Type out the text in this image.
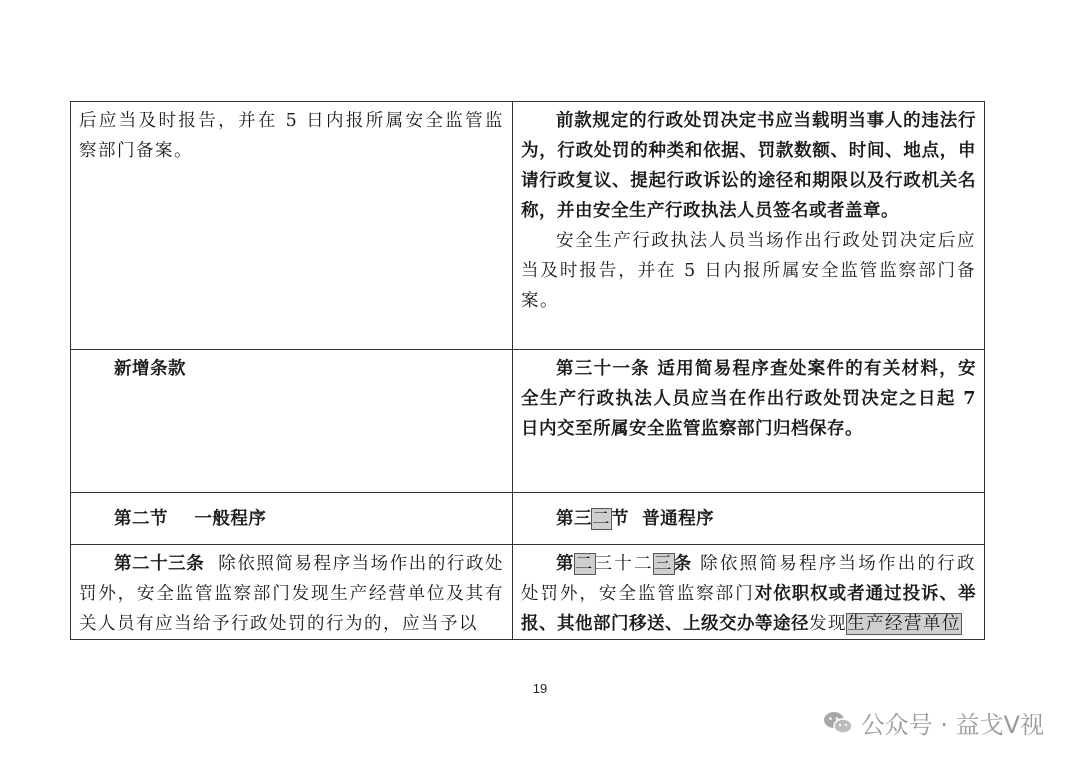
后应当及时报告，并在 5 日内报所属安全监管监察部门备案。	前款规定的行政处罚决定书应当载明当事人的违法行为，行政处罚的种类和依据、罚款数额、时间、地点，申请行政复议、提起行政诉讼的途径和期限以及行政机关名称，并由安全生产行政执法人员签名或者盖章。

安全生产行政执法人员当场作出行政处罚决定后应当及时报告，并在 5 日内报所属安全监管监察部门备案。

新增条款	第三十一条 适用简易程序查处案件的有关材料，安全生产行政执法人员应当在作出行政处罚决定之日起 7 日内交至所属安全监管监察部门归档保存。

第二节    一般程序	第三二节  普通程序

第二十三条 除依照简易程序当场作出的行政处罚外，安全监管监察部门发现生产经营单位及其有关人员有应当给予行政处罚的行为的，应当予以	第二三十二三条 除依照简易程序当场作出的行政处罚外，安全监管监察部门对依职权或者通过投诉、举报、其他部门移送、上级交办等途径发现生产经营单位

19
公众号 · 益戈V视
